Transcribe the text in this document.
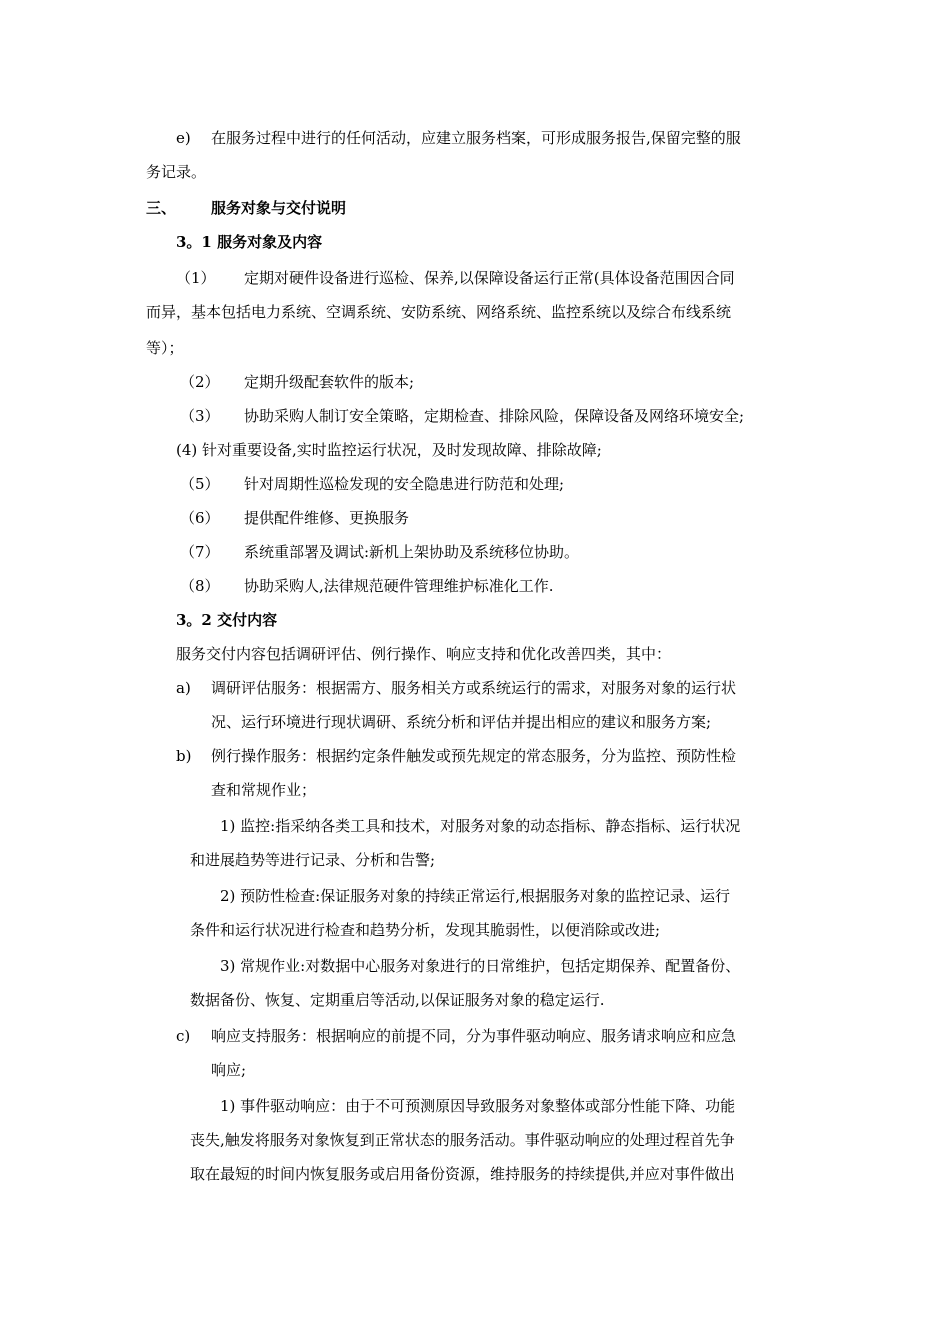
e) 在服务过程中进行的任何活动，应建立服务档案，可形成服务报告,保留完整的服
务记录。
三、 服务对象与交付说明
3。1 服务对象及内容
（1） 定期对硬件设备进行巡检、保养,以保障设备运行正常(具体设备范围因合同
而异，基本包括电力系统、空调系统、安防系统、网络系统、监控系统以及综合布线系统
等）；
（2） 定期升级配套软件的版本;
（3） 协助采购人制订安全策略，定期检查、排除风险，保障设备及网络环境安全;
(4) 针对重要设备,实时监控运行状况，及时发现故障、排除故障;
（5） 针对周期性巡检发现的安全隐患进行防范和处理;
（6） 提供配件维修、更换服务
（7） 系统重部署及调试:新机上架协助及系统移位协助。
（8） 协助采购人,法律规范硬件管理维护标准化工作.
3。2 交付内容
服务交付内容包括调研评估、例行操作、响应支持和优化改善四类，其中：
a) 调研评估服务：根据需方、服务相关方或系统运行的需求，对服务对象的运行状
况、运行环境进行现状调研、系统分析和评估并提出相应的建议和服务方案;
b) 例行操作服务：根据约定条件触发或预先规定的常态服务，分为监控、预防性检
查和常规作业；
1) 监控:指采纳各类工具和技术，对服务对象的动态指标、静态指标、运行状况
和进展趋势等进行记录、分析和告警;
2) 预防性检查:保证服务对象的持续正常运行,根据服务对象的监控记录、运行
条件和运行状况进行检查和趋势分析，发现其脆弱性，以便消除或改进;
3) 常规作业:对数据中心服务对象进行的日常维护，包括定期保养、配置备份、
数据备份、恢复、定期重启等活动,以保证服务对象的稳定运行.
c) 响应支持服务：根据响应的前提不同，分为事件驱动响应、服务请求响应和应急
响应;
1) 事件驱动响应：由于不可预测原因导致服务对象整体或部分性能下降、功能
丧失,触发将服务对象恢复到正常状态的服务活动。事件驱动响应的处理过程首先争
取在最短的时间内恢复服务或启用备份资源，维持服务的持续提供,并应对事件做出
